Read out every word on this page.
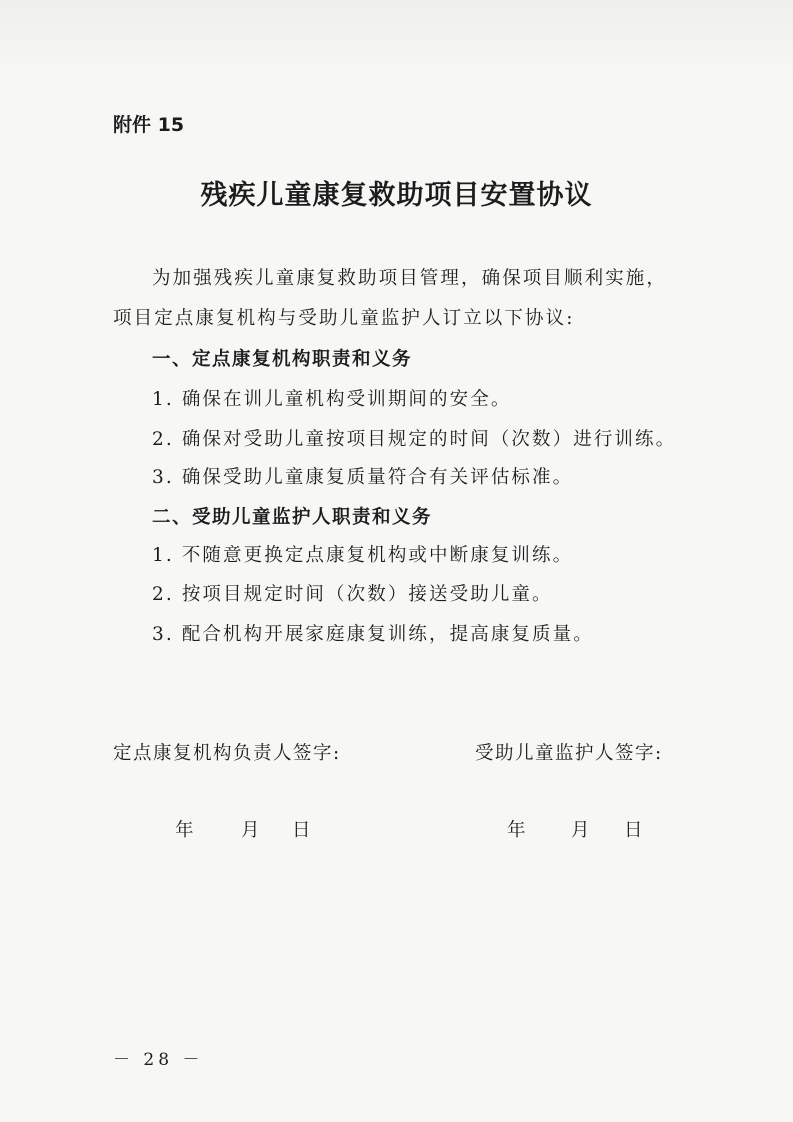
附件 15
残疾儿童康复救助项目安置协议
为加强残疾儿童康复救助项目管理，确保项目顺利实施，
项目定点康复机构与受助儿童监护人订立以下协议:
一、定点康复机构职责和义务
1. 确保在训儿童机构受训期间的安全。
2. 确保对受助儿童按项目规定的时间（次数）进行训练。
3. 确保受助儿童康复质量符合有关评估标准。
二、受助儿童监护人职责和义务
1. 不随意更换定点康复机构或中断康复训练。
2. 按项目规定时间（次数）接送受助儿童。
3. 配合机构开展家庭康复训练，提高康复质量。
定点康复机构负责人签字:	受助儿童监护人签字:
年	月 日	年 月 日
－ 28 －
